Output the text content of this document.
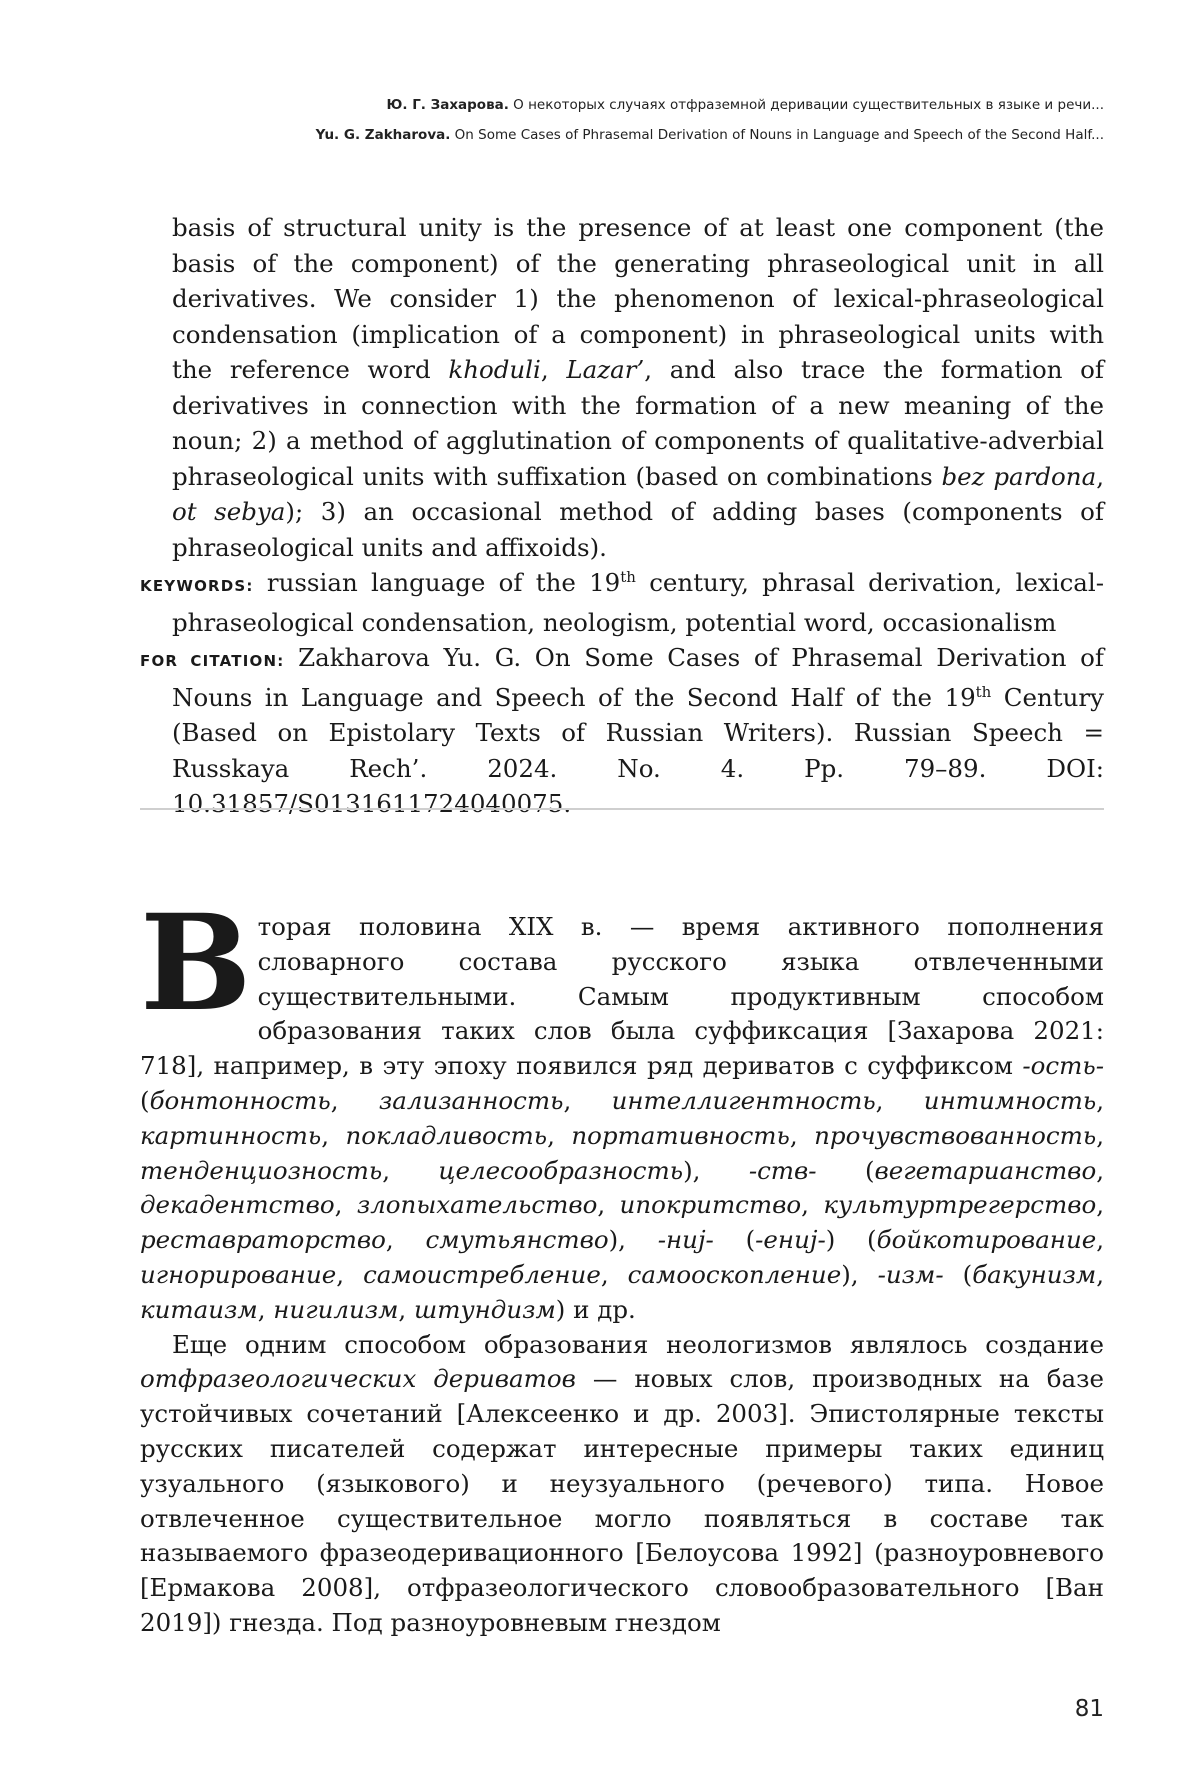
Ю. Г. Захарова. О некоторых случаях отфраземной деривации существительных в языке и речи...
Yu. G. Zakharova. On Some Cases of Phrasemal Derivation of Nouns in Language and Speech of the Second Half...

basis of structural unity is the presence of at least one component (the basis of the component) of the generating phraseological unit in all derivatives. We consider 1) the phenomenon of lexical-phraseological condensation (implication of a component) in phraseological units with the reference word khoduli, Lazar’, and also trace the formation of derivatives in connection with the formation of a new meaning of the noun; 2) a method of agglutination of components of qualitative-adverbial phraseological units with suffixation (based on combinations bez pardona, ot sebya); 3) an occasional method of adding bases (components of phraseological units and affixoids).

KEYWORDS: russian language of the 19th century, phrasal derivation, lexical-phraseological condensation, neologism, potential word, occasionalism

FOR CITATION: Zakharova Yu. G. On Some Cases of Phrasemal Derivation of Nouns in Language and Speech of the Second Half of the 19th Century (Based on Epistolary Texts of Russian Writers). Russian Speech = Russkaya Rech’. 2024. No. 4. Pp. 79–89. DOI: 10.31857/S0131611724040075.

Вторая половина XIX в. — время активного пополнения словарного состава русского языка отвлеченными существительными. Самым продуктивным способом образования таких слов была суффиксация [Захарова 2021: 718], например, в эту эпоху появился ряд дериватов с суффиксом -ость- (бонтонность, зализанность, интеллигентность, интимность, картинность, покладливость, портативность, прочувствованность, тенденциозность, целесообразность), -ств- (вегетарианство, декадентство, злопыхательство, ипокритство, культуртрегерство, реставраторство, смутьянство), -ниj- (-ениj-) (бойкотирование, игнорирование, самоистребление, самооскопление), -изм- (бакунизм, китаизм, нигилизм, штундизм) и др.

Еще одним способом образования неологизмов являлось создание отфразеологических дериватов — новых слов, производных на базе устойчивых сочетаний [Алексеенко и др. 2003]. Эпистолярные тексты русских писателей содержат интересные примеры таких единиц узуального (языкового) и неузуального (речевого) типа. Новое отвлеченное существительное могло появляться в составе так называемого фразеодеривационного [Белоусова 1992] (разноуровневого [Ермакова 2008], отфразеологического словообразовательного [Ван 2019]) гнезда. Под разноуровневым гнездом

81
